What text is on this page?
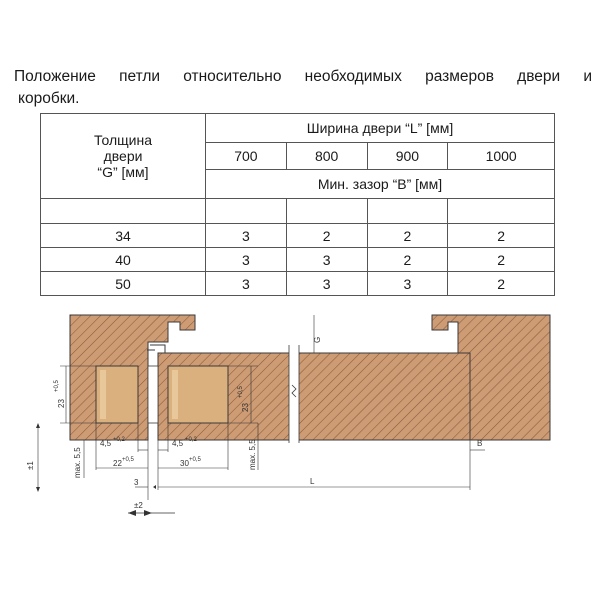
Положение петли относительно необходимых размеров двери и
коробки.
Толщина
двери
“G” [мм]	Ширина двери “L” [мм]			
	700	800	900	1000
	Мин. зазор “B” [мм]			

34	3	2	2	2
40	3	3	2	2
50	3	3	3	2
23
+0,5
23
+0,5
4,5 +0,2	4,5 +0,2
22 +0,5	30 +0,5
max. 5,5	max. 5,5
±1
3
±2
G
B
L
